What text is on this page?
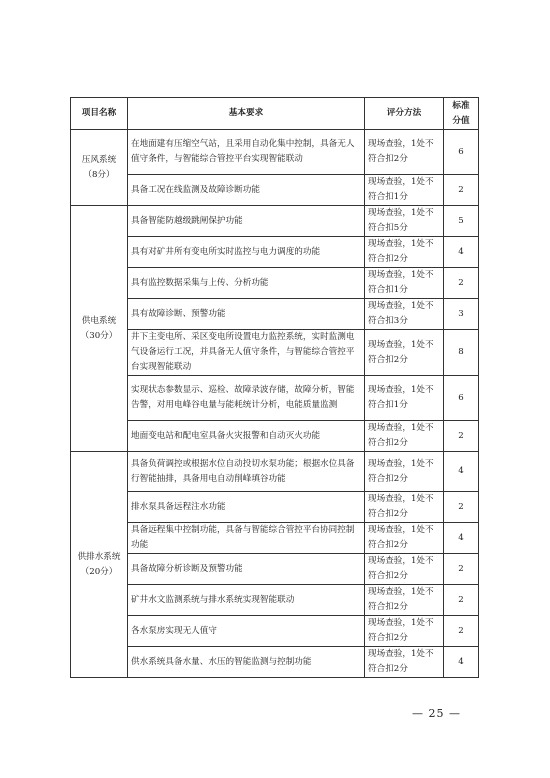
项目名称	基本要求	评分方法	标准
分值

压风系统
（8分）	在地面建有压缩空气站，且采用自动化集中控制，具备无人值守条件，与智能综合管控平台实现智能联动	现场查验，1处不符合扣2分	6
	具备工况在线监测及故障诊断功能	现场查验，1处不符合扣1分	2

供电系统
（30分）	具备智能防越级跳闸保护功能	现场查验，1处不符合扣5分	5
	具有对矿井所有变电所实时监控与电力调度的功能	现场查验，1处不符合扣2分	4
	具有监控数据采集与上传、分析功能	现场查验，1处不符合扣1分	2
	具有故障诊断、预警功能	现场查验，1处不符合扣3分	3
	井下主变电所、采区变电所设置电力监控系统，实时监测电气设备运行工况，并具备无人值守条件，与智能综合管控平台实现智能联动	现场查验，1处不符合扣2分	8
	实现状态参数显示、巡检、故障录波存储，故障分析，智能告警，对用电峰谷电量与能耗统计分析，电能质量监测	现场查验，1处不符合扣1分	6
	地面变电站和配电室具备火灾报警和自动灭火功能	现场查验，1处不符合扣2分	2

供排水系统
（20分）	具备负荷调控或根据水位自动投切水泵功能；根据水位具备行智能抽排，具备用电自动削峰填谷功能	现场查验，1处不符合扣2分	4
	排水泵具备远程注水功能	现场查验，1处不符合扣2分	2
	具备远程集中控制功能，具备与智能综合管控平台协同控制功能	现场查验，1处不符合扣2分	4
	具备故障分析诊断及预警功能	现场查验，1处不符合扣2分	2
	矿井水文监测系统与排水系统实现智能联动	现场查验，1处不符合扣2分	2
	各水泵房实现无人值守	现场查验，1处不符合扣2分	2
	供水系统具备水量、水压的智能监测与控制功能	现场查验，1处不符合扣2分	4
— 25 —
